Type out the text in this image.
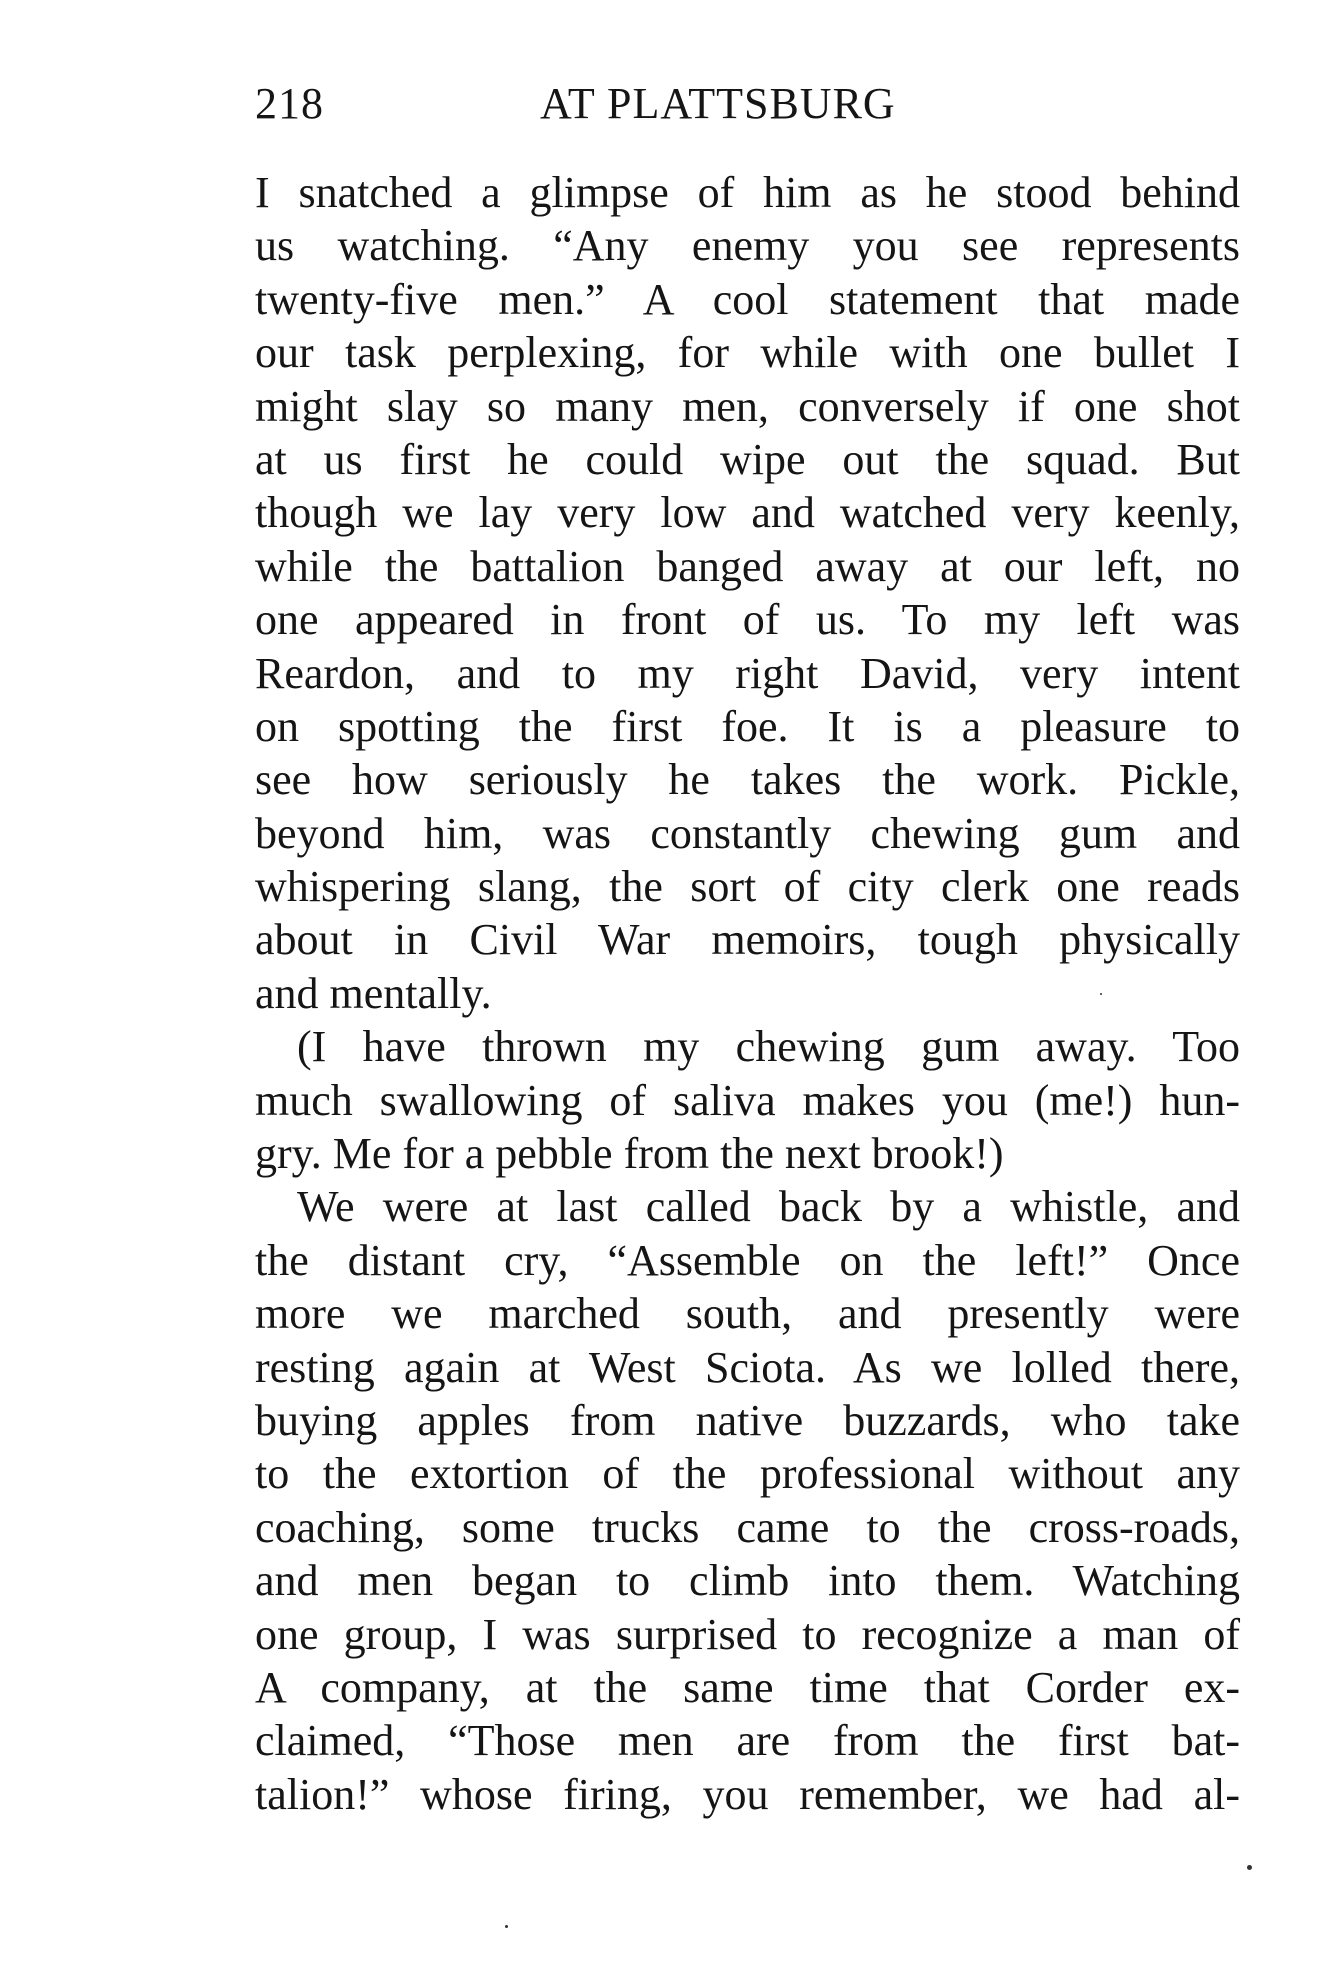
218	AT PLATTSBURG
I snatched a glimpse of him as he stood behind
us watching. “Any enemy you see represents
twenty-five men.” A cool statement that made
our task perplexing, for while with one bullet I
might slay so many men, conversely if one shot
at us first he could wipe out the squad. But
though we lay very low and watched very keenly,
while the battalion banged away at our left, no
one appeared in front of us. To my left was
Reardon, and to my right David, very intent
on spotting the first foe. It is a pleasure to
see how seriously he takes the work. Pickle,
beyond him, was constantly chewing gum and
whispering slang, the sort of city clerk one reads
about in Civil War memoirs, tough physically
and mentally.
(I have thrown my chewing gum away. Too
much swallowing of saliva makes you (me!) hun-
gry. Me for a pebble from the next brook!)
We were at last called back by a whistle, and
the distant cry, “Assemble on the left!” Once
more we marched south, and presently were
resting again at West Sciota. As we lolled there,
buying apples from native buzzards, who take
to the extortion of the professional without any
coaching, some trucks came to the cross-roads,
and men began to climb into them. Watching
one group, I was surprised to recognize a man of
A company, at the same time that Corder ex-
claimed, “Those men are from the first bat-
talion!” whose firing, you remember, we had al-
